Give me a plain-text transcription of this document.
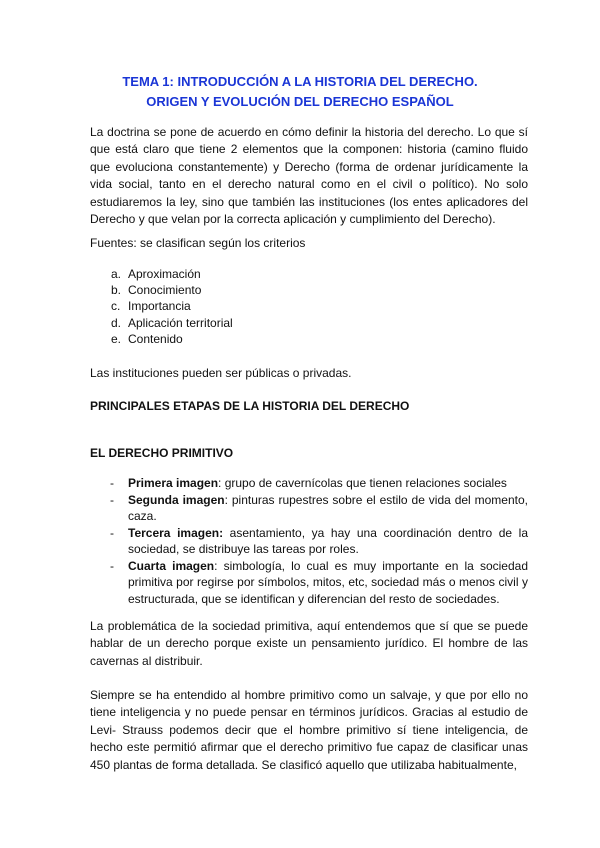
TEMA 1: INTRODUCCIÓN A LA HISTORIA DEL DERECHO.
ORIGEN Y EVOLUCIÓN DEL DERECHO ESPAÑOL

La doctrina se pone de acuerdo en cómo definir la historia del derecho. Lo que sí que está claro que tiene 2 elementos que la componen: historia (camino fluido que evoluciona constantemente) y Derecho (forma de ordenar jurídicamente la vida social, tanto en el derecho natural como en el civil o político). No solo estudiaremos la ley, sino que también las instituciones (los entes aplicadores del Derecho y que velan por la correcta aplicación y cumplimiento del Derecho).

Fuentes: se clasifican según los criterios

a. Aproximación
b. Conocimiento
c. Importancia
d. Aplicación territorial
e. Contenido

Las instituciones pueden ser públicas o privadas.

PRINCIPALES ETAPAS DE LA HISTORIA DEL DERECHO

EL DERECHO PRIMITIVO

- Primera imagen: grupo de cavernícolas que tienen relaciones sociales
- Segunda imagen: pinturas rupestres sobre el estilo de vida del momento, caza.
- Tercera imagen: asentamiento, ya hay una coordinación dentro de la sociedad, se distribuye las tareas por roles.
- Cuarta imagen: simbología, lo cual es muy importante en la sociedad primitiva por regirse por símbolos, mitos, etc, sociedad más o menos civil y estructurada, que se identifican y diferencian del resto de sociedades.

La problemática de la sociedad primitiva, aquí entendemos que sí que se puede hablar de un derecho porque existe un pensamiento jurídico. El hombre de las cavernas al distribuir.

Siempre se ha entendido al hombre primitivo como un salvaje, y que por ello no tiene inteligencia y no puede pensar en términos jurídicos. Gracias al estudio de Levi- Strauss podemos decir que el hombre primitivo sí tiene inteligencia, de hecho este permitió afirmar que el derecho primitivo fue capaz de clasificar unas 450 plantas de forma detallada. Se clasificó aquello que utilizaba habitualmente,
